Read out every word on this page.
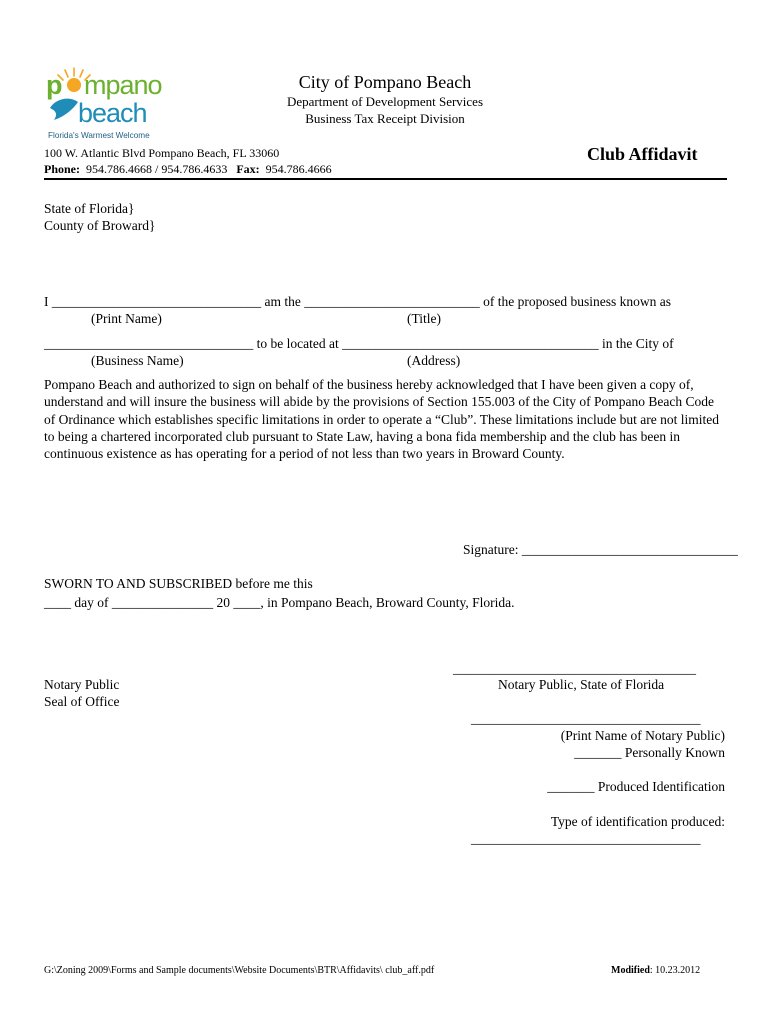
p mpano
beach
Florida's Warmest Welcome
City of Pompano Beach
Department of Development Services
Business Tax Receipt Division
100 W. Atlantic Blvd Pompano Beach, FL 33060
Phone: 954.786.4668 / 954.786.4633 Fax: 954.786.4666
Club Affidavit
State of Florida}
County of Broward}
I _______________________________ am the __________________________ of the proposed business known as
(Print Name)	(Title)
_______________________________ to be located at ______________________________________ in the City of
(Business Name)	(Address)
Pompano Beach and authorized to sign on behalf of the business hereby acknowledged that I have been given a copy of, understand and will insure the business will abide by the provisions of Section 155.003 of the City of Pompano Beach Code of Ordinance which establishes specific limitations in order to operate a “Club”. These limitations include but are not limited to being a chartered incorporated club pursuant to State Law, having a bona fida membership and the club has been in continuous existence as has operating for a period of not less than two years in Broward County.
Signature: ________________________________
SWORN TO AND SUBSCRIBED before me this
____ day of _______________ 20 ____, in Pompano Beach, Broward County, Florida.
____________________________________
Notary Public
Seal of Office
Notary Public, State of Florida
__________________________________
(Print Name of Notary Public)
_______ Personally Known
_______ Produced Identification
Type of identification produced:
__________________________________
G:\Zoning 2009\Forms and Sample documents\Website Documents\BTR\Affidavits\ club_aff.pdf	Modified: 10.23.2012
